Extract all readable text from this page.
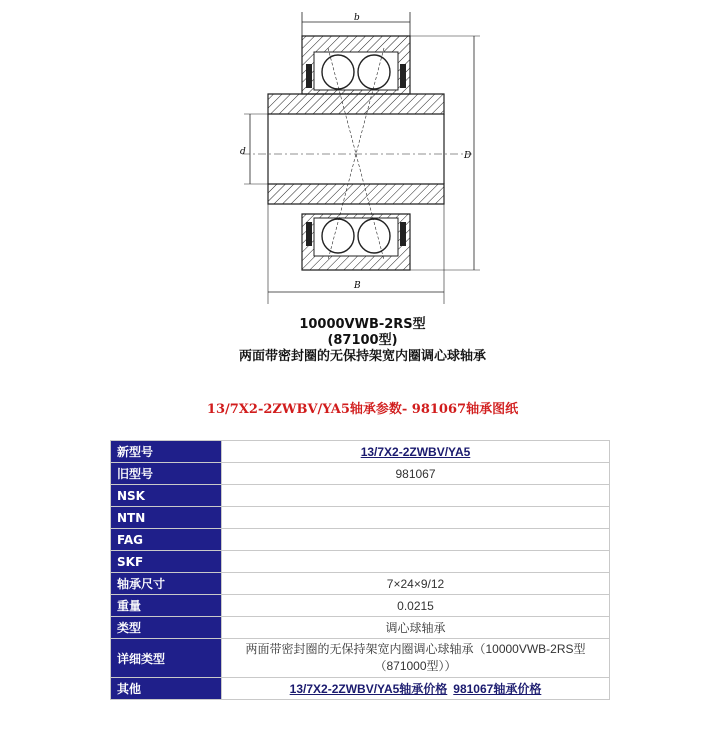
b
D
d
B
10000VWB-2RS型
(87100型)
两面带密封圈的无保持架宽内圈调心球轴承
13/7X2-2ZWBV/YA5轴承参数- 981067轴承图纸
新型号	13/7X2-2ZWBV/YA5
旧型号	981067
NSK	
NTN	
FAG	
SKF	
轴承尺寸	7×24×9/12
重量	0.0215
类型	调心球轴承
详细类型	两面带密封圈的无保持架宽内圈调心球轴承（10000VWB-2RS型（871000型））
其他	13/7X2-2ZWBV/YA5轴承价格 981067轴承价格
